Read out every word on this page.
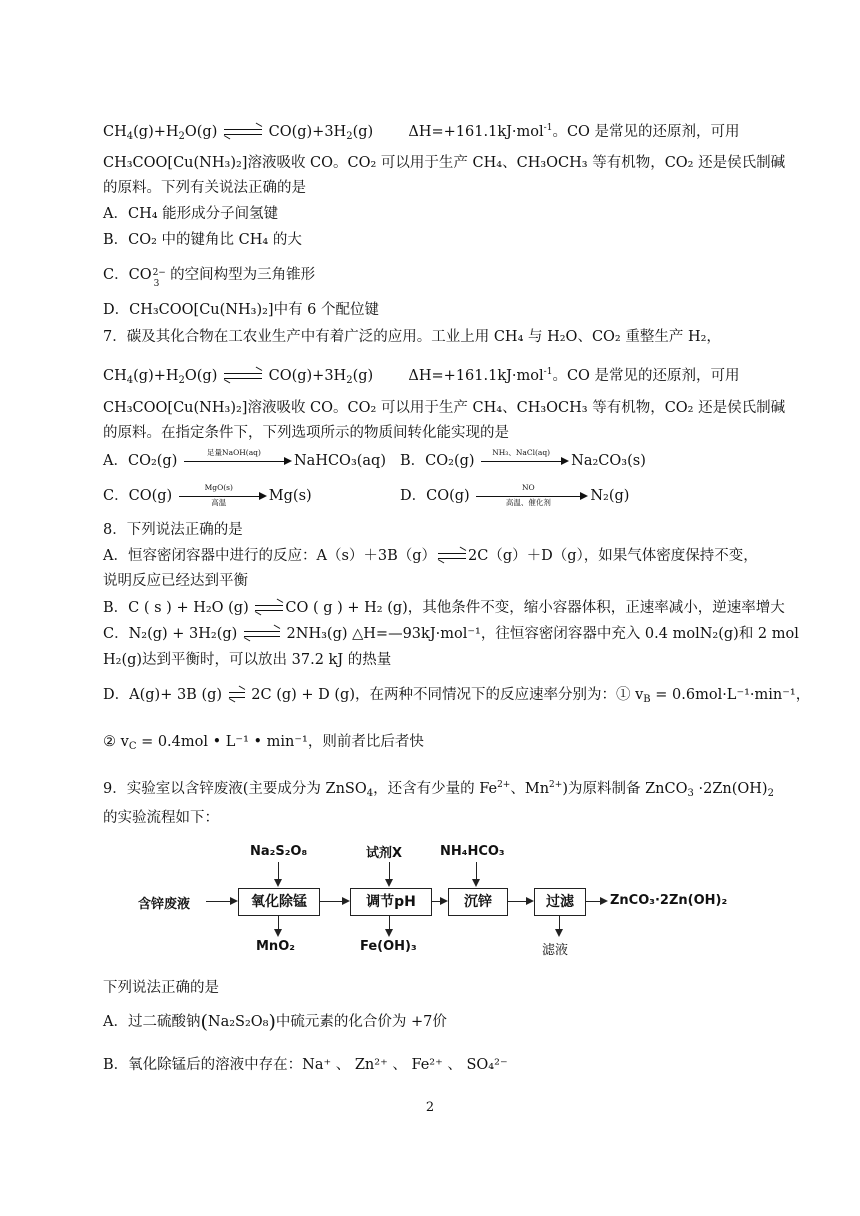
$CH_4(g)+H_2O(g)$	$CO(g)+3H_2(g)$ ΔH=+161.1kJ·mol$^{-1}$。CO 是常见的还原剂，可用
CH₃COO[Cu(NH₃)₂]溶液吸收 CO。CO₂ 可以用于生产 CH₄、CH₃OCH₃ 等有机物，CO₂ 还是侯氏制碱
的原料。下列有关说法正确的是
A．CH₄ 能形成分子间氢键
B．CO₂ 中的键角比 CH₄ 的大
C．CO 2−
3
的空间构型为三角锥形
D．CH₃COO[Cu(NH₃)₂]中有 6 个配位键
7．碳及其化合物在工农业生产中有着广泛的应用。工业上用 CH₄ 与 H₂O、CO₂ 重整生产 H₂，
$CH_4(g)+H_2O(g)$	$CO(g)+3H_2(g)$ ΔH=+161.1kJ·mol$^{-1}$。CO 是常见的还原剂，可用
CH₃COO[Cu(NH₃)₂]溶液吸收 CO。CO₂ 可以用于生产 CH₄、CH₃OCH₃ 等有机物，CO₂ 还是侯氏制碱
的原料。在指定条件下，下列选项所示的物质间转化能实现的是
A．CO₂(g)
足量NaOH(aq)
NaHCO₃(aq) B．CO₂(g)
NH₃、NaCl(aq)
Na₂CO₃(s)
C．CO(g)
MgO(s)
高温	Mg(s)	D．CO(g)
NO
高温、催化剂	N₂(g)
8．下列说法正确的是
A．恒容密闭容器中进行的反应：A（s）＋3B（g） 2C（g）＋D（g），如果气体密度保持不变，
说明反应已经达到平衡
B．C ( s ) + H₂O (g)
CO ( g ) + H₂ (g)，其他条件不变，缩小容器体积，正速率减小，逆速率增大
C．N₂(g) + 3H₂(g)	2NH₃(g) △H=—93kJ·mol⁻¹，往恒容密闭容器中充入 0.4 molN₂(g)和 2 mol
H₂(g)达到平衡时，可以放出 37.2 kJ 的热量
D．A(g)+ 3B (g)
2C (g) + D (g)，在两种不同情况下的反应速率分别为：① $v_B = 0.6mol\cdot L^{-1}\cdot\min^{-1}$，
② $v_C = 0.4mol$ • L⁻¹ • min⁻¹，则前者比后者快
9．实验室以含锌废液(主要成分为 ZnSO$_4$，还含有少量的 $Fe^{2+}$、$Mn^{2+}$)为原料制备 ZnCO$_3$ $\cdot 2Zn(OH)_2$
的实验流程如下：
含锌废液	氧化除锰	调节pH	沉锌	过滤	ZnCO₃·2Zn(OH)₂
Na₂S₂O₈	试剂X	NH₄HCO₃
MnO₂	Fe(OH)₃	滤液
下列说法正确的是
A．过二硫酸钠(Na₂S₂O₈)中硫元素的化合价为 +7价
B．氧化除锰后的溶液中存在：Na⁺ 、 Zn²⁺ 、 Fe²⁺ 、 SO₄²⁻
2
